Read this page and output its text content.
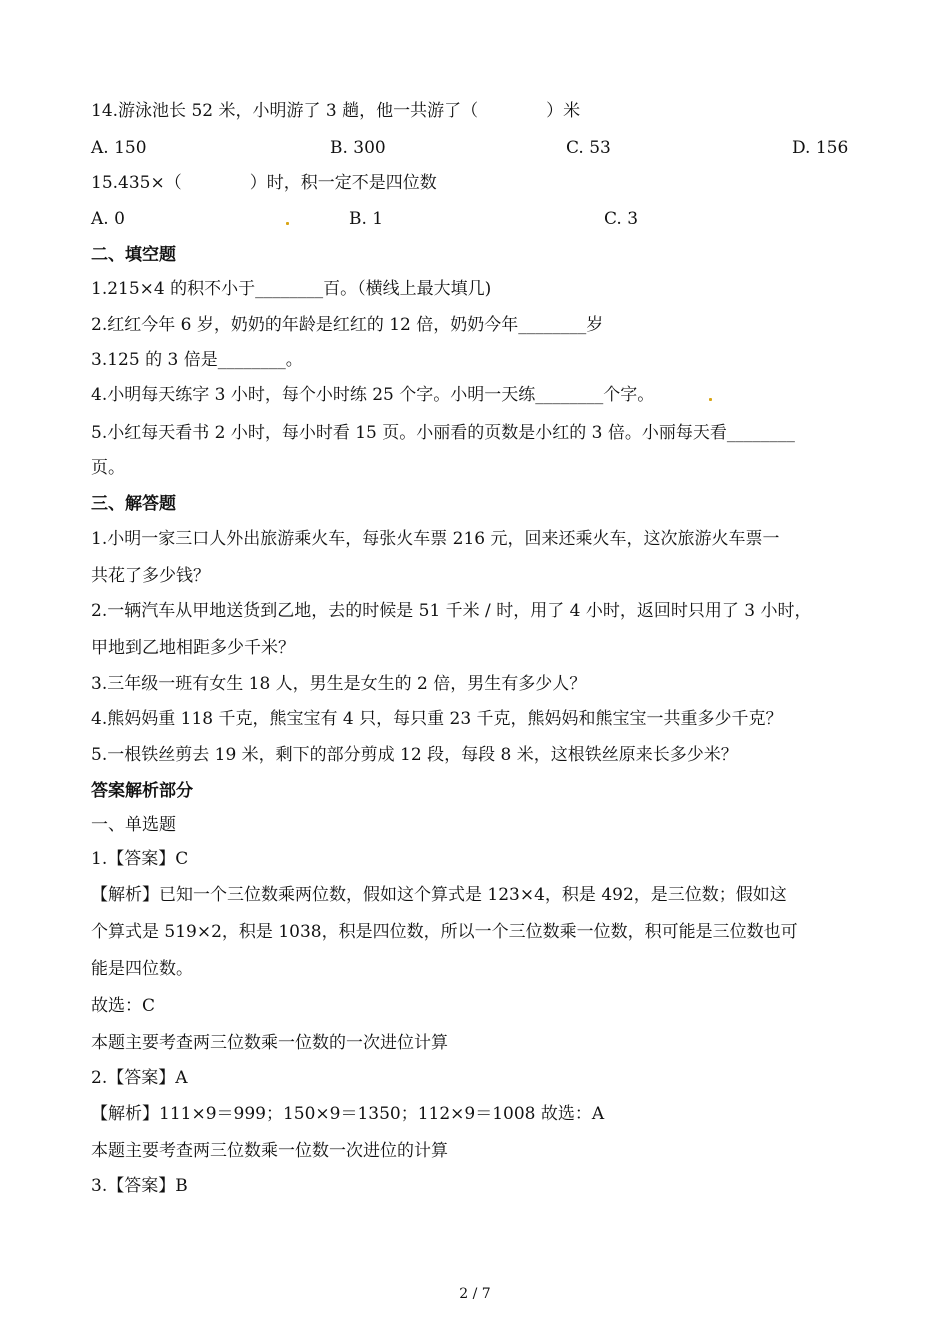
14.游泳池长 52 米，小明游了 3 趟，他一共游了（　　　　）米
A. 150	B. 300	C. 53	D. 156
15.435×（　　　　）时，积一定不是四位数
A. 0	B. 1	C. 3
二、填空题
1.215×4 的积不小于________百。（横线上最大填几)
2.红红今年 6 岁，奶奶的年龄是红红的 12 倍，奶奶今年________岁
3.125 的 3 倍是________。
4.小明每天练字 3 小时，每个小时练 25 个字。小明一天练________个字。
5.小红每天看书 2 小时，每小时看 15 页。小丽看的页数是小红的 3 倍。小丽每天看________
页。
三、解答题
1.小明一家三口人外出旅游乘火车，每张火车票 216 元，回来还乘火车，这次旅游火车票一
共花了多少钱？
2.一辆汽车从甲地送货到乙地，去的时候是 51 千米 / 时，用了 4 小时，返回时只用了 3 小时，
甲地到乙地相距多少千米？
3.三年级一班有女生 18 人，男生是女生的 2 倍，男生有多少人？
4.熊妈妈重 118 千克，熊宝宝有 4 只，每只重 23 千克，熊妈妈和熊宝宝一共重多少千克？
5.一根铁丝剪去 19 米，剩下的部分剪成 12 段，每段 8 米，这根铁丝原来长多少米？
答案解析部分
一、单选题
1.【答案】C
【解析】已知一个三位数乘两位数，假如这个算式是 123×4，积是 492，是三位数；假如这
个算式是 519×2，积是 1038，积是四位数，所以一个三位数乘一位数，积可能是三位数也可
能是四位数。
故选：C
本题主要考查两三位数乘一位数的一次进位计算
2.【答案】A
【解析】111×9＝999；150×9＝1350；112×9＝1008 故选：A
本题主要考查两三位数乘一位数一次进位的计算
3.【答案】B
2 / 7
